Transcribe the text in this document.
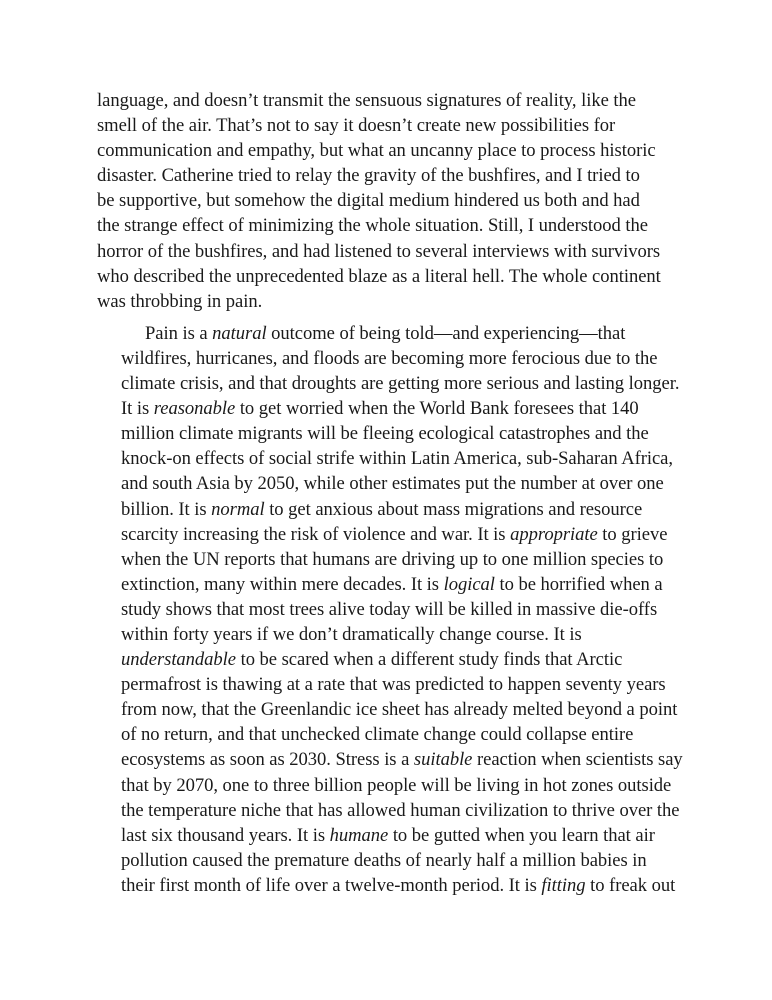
language, and doesn’t transmit the sensuous signatures of reality, like the
smell of the air. That’s not to say it doesn’t create new possibilities for
communication and empathy, but what an uncanny place to process historic
disaster. Catherine tried to relay the gravity of the bushfires, and I tried to
be supportive, but somehow the digital medium hindered us both and had
the strange effect of minimizing the whole situation. Still, I understood the
horror of the bushfires, and had listened to several interviews with survivors
who described the unprecedented blaze as a literal hell. The whole continent
was throbbing in pain.

Pain is a natural outcome of being told—and experiencing—that
wildfires, hurricanes, and floods are becoming more ferocious due to the
climate crisis, and that droughts are getting more serious and lasting longer.
It is reasonable to get worried when the World Bank foresees that 140
million climate migrants will be fleeing ecological catastrophes and the
knock-on effects of social strife within Latin America, sub-Saharan Africa,
and south Asia by 2050, while other estimates put the number at over one
billion. It is normal to get anxious about mass migrations and resource
scarcity increasing the risk of violence and war. It is appropriate to grieve
when the UN reports that humans are driving up to one million species to
extinction, many within mere decades. It is logical to be horrified when a
study shows that most trees alive today will be killed in massive die-offs
within forty years if we don’t dramatically change course. It is
understandable to be scared when a different study finds that Arctic
permafrost is thawing at a rate that was predicted to happen seventy years
from now, that the Greenlandic ice sheet has already melted beyond a point
of no return, and that unchecked climate change could collapse entire
ecosystems as soon as 2030. Stress is a suitable reaction when scientists say
that by 2070, one to three billion people will be living in hot zones outside
the temperature niche that has allowed human civilization to thrive over the
last six thousand years. It is humane to be gutted when you learn that air
pollution caused the premature deaths of nearly half a million babies in
their first month of life over a twelve-month period. It is fitting to freak out
